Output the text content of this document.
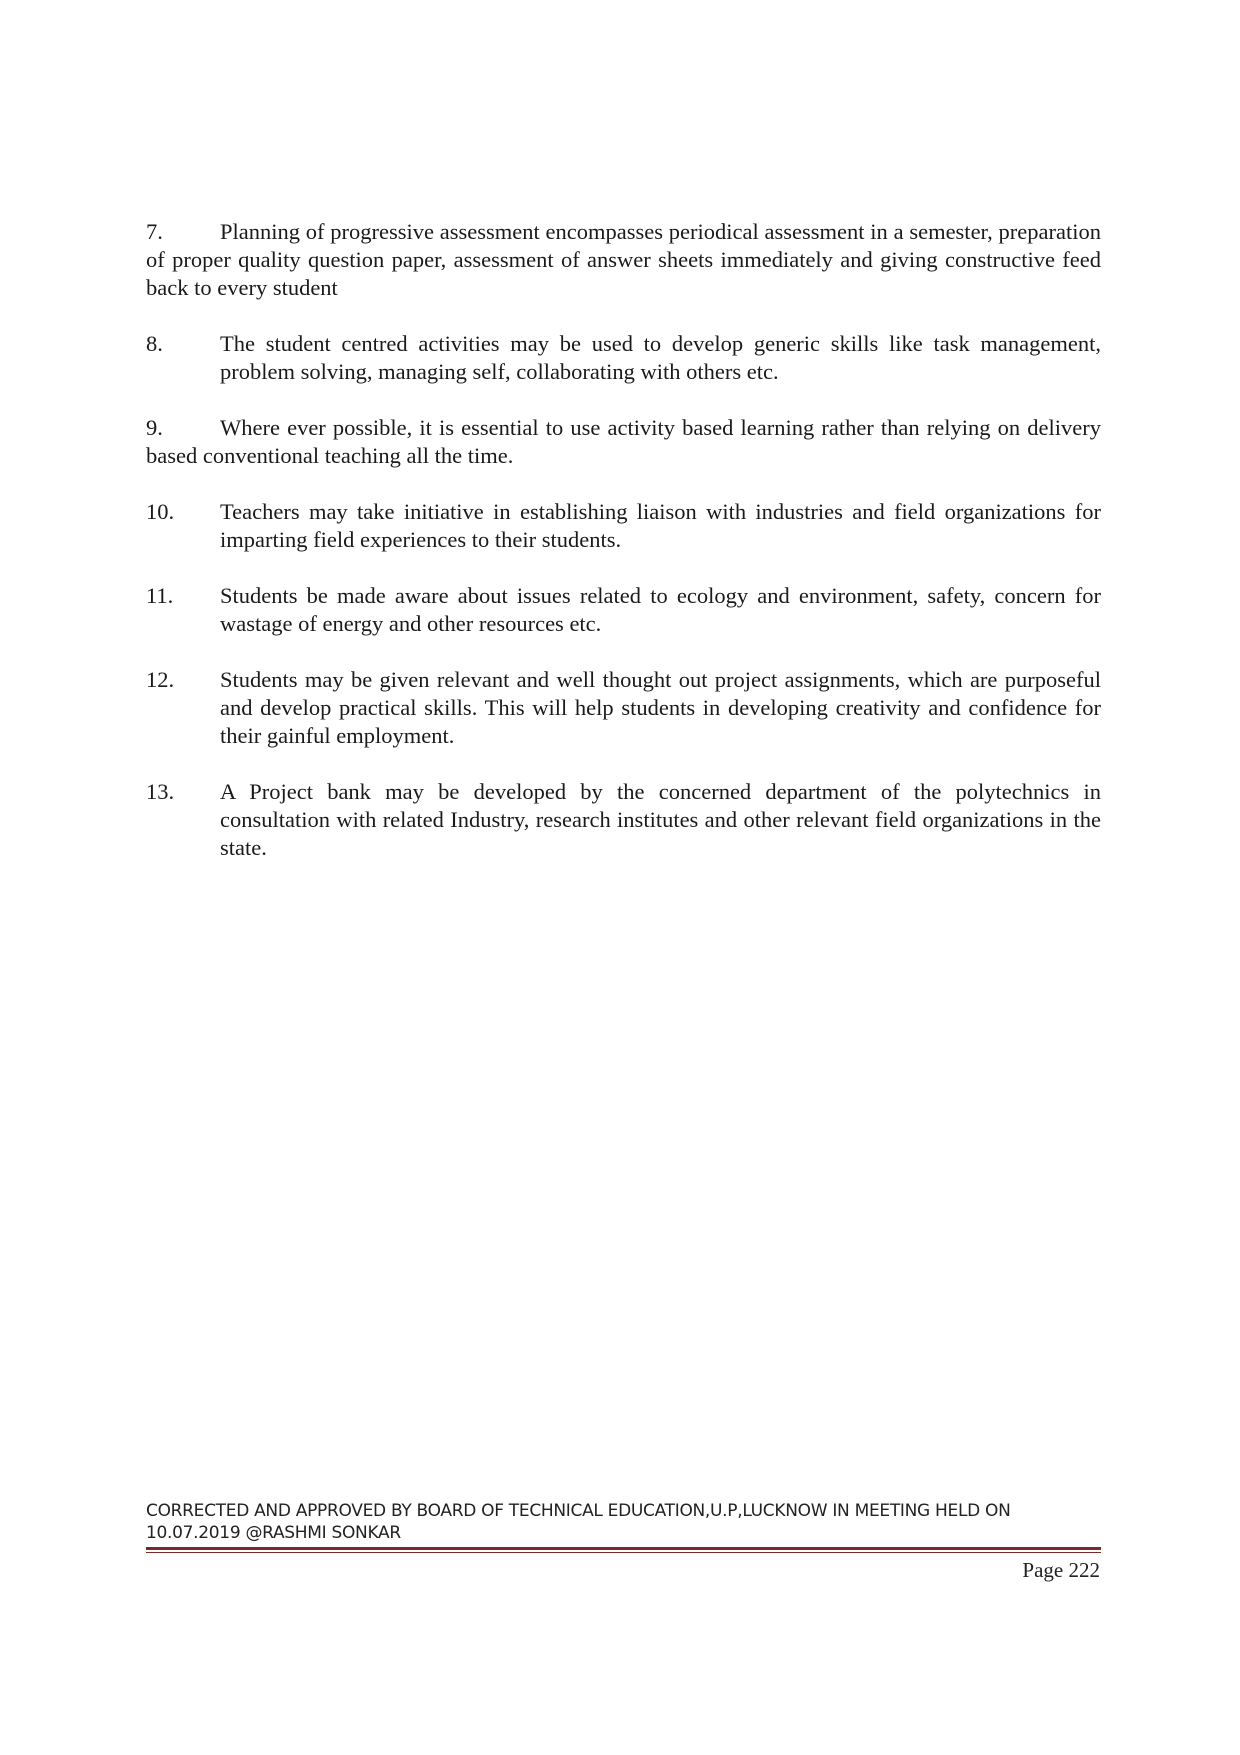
7.	Planning of progressive assessment encompasses periodical assessment in a semester, preparation of proper quality question paper, assessment of answer sheets immediately and giving constructive feed back to every student
8.	The student centred activities may be used to develop generic skills like task management, problem solving, managing self, collaborating with others etc.
9.	Where ever possible, it is essential to use activity based learning rather than relying on delivery based conventional teaching all the time.
10.	Teachers may take initiative in establishing liaison with industries and field organizations for imparting field experiences to their students.
11.	Students be made aware about issues related to ecology and environment, safety, concern for wastage of energy and other resources etc.
12.	Students may be given relevant and well thought out project assignments, which are purposeful and develop practical skills. This will help students in developing creativity and confidence for their gainful employment.
13.	A Project bank may be developed by the concerned department of the polytechnics in consultation with related Industry, research institutes and other relevant field organizations in the state.
CORRECTED AND APPROVED BY BOARD OF TECHNICAL EDUCATION,U.P,LUCKNOW IN MEETING HELD ON 10.07.2019 @RASHMI SONKAR
Page 222
